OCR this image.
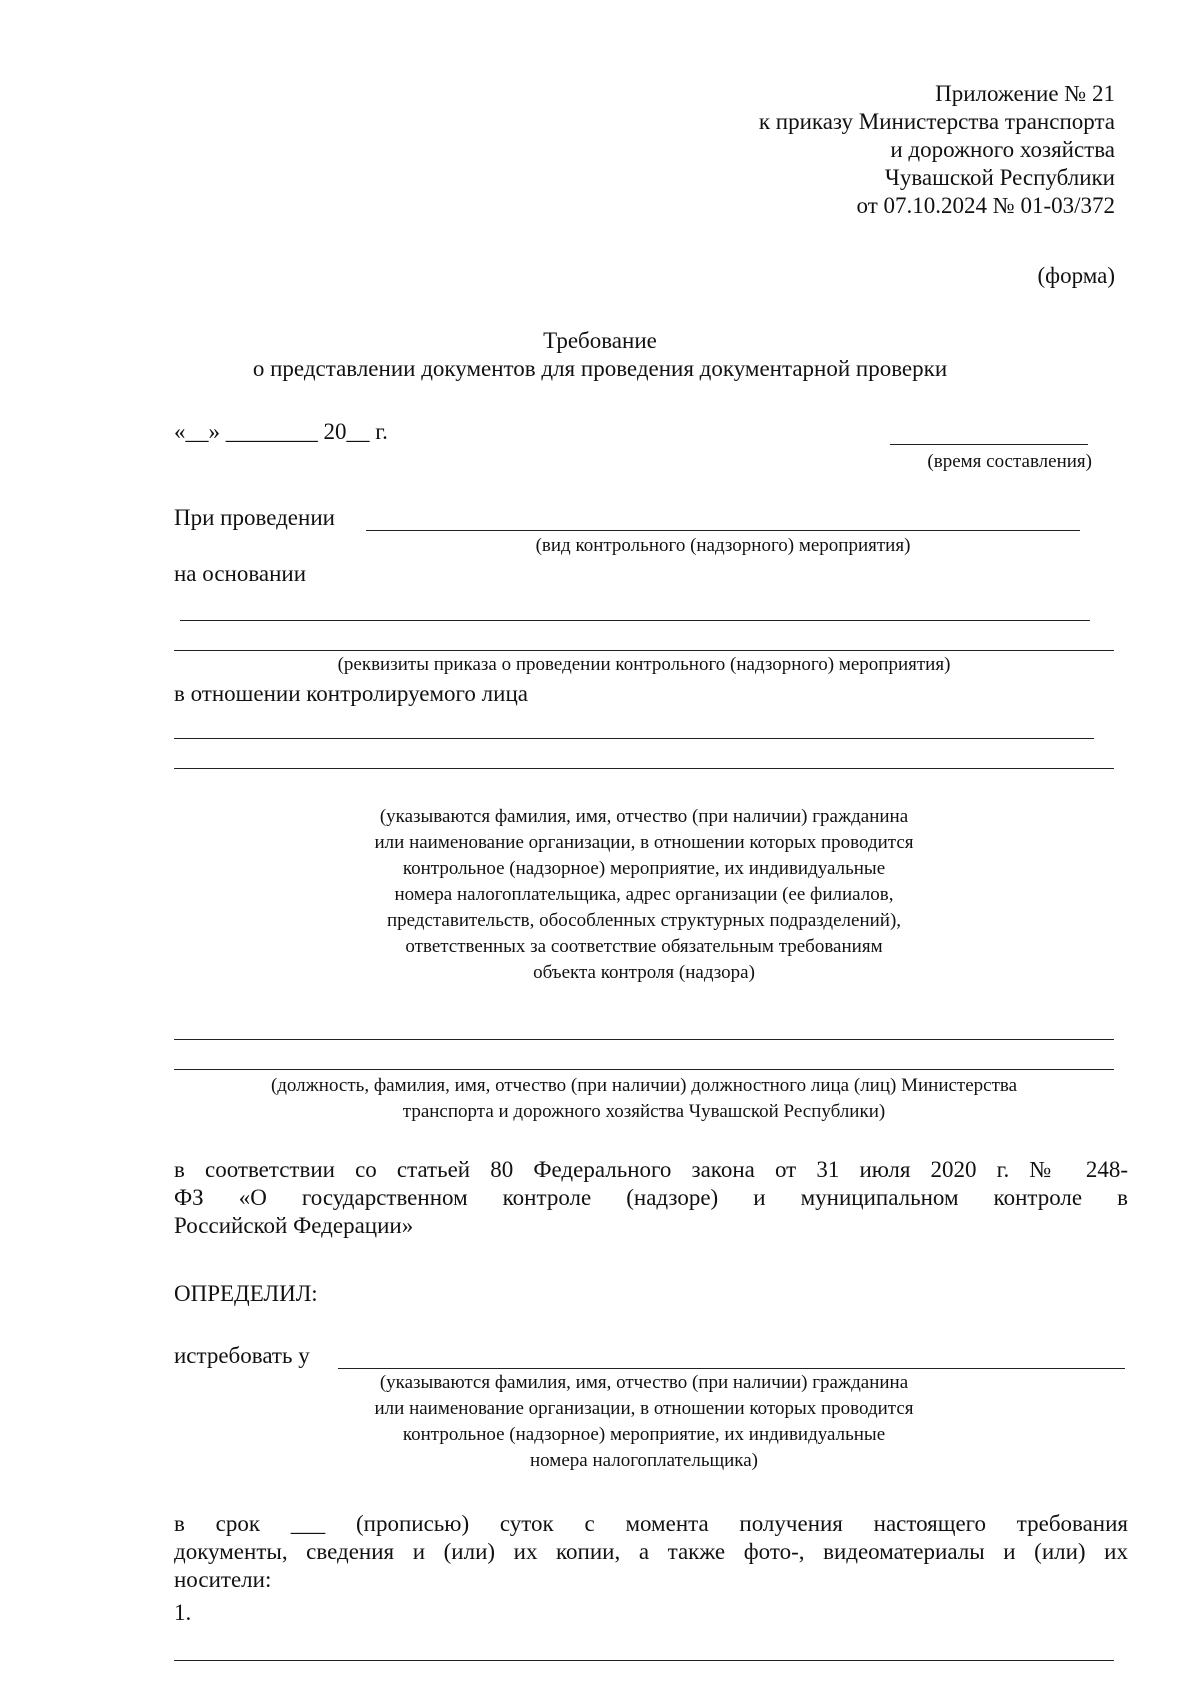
Приложение № 21
к приказу Министерства транспорта
и дорожного хозяйства
Чувашской Республики
от 07.10.2024 № 01-03/372
(форма)
Требование
о представлении документов для проведения документарной проверки
«__» ________ 20__ г.
(время составления)
При проведении
(вид контрольного (надзорного) мероприятия)
на основании
(реквизиты приказа о проведении контрольного (надзорного) мероприятия)
в отношении контролируемого лица
(указываются фамилия, имя, отчество (при наличии) гражданина
или наименование организации, в отношении которых проводится
контрольное (надзорное) мероприятие, их индивидуальные
номера налогоплательщика, адрес организации (ее филиалов,
представительств, обособленных структурных подразделений),
ответственных за соответствие обязательным требованиям
объекта контроля (надзора)
(должность, фамилия, имя, отчество (при наличии) должностного лица (лиц) Министерства
транспорта и дорожного хозяйства Чувашской Республики)
в соответствии со статьей 80 Федерального закона от 31 июля 2020 г. № 248-
ФЗ «О государственном контроле (надзоре) и муниципальном контроле в
Российской Федерации»
ОПРЕДЕЛИЛ:
истребовать у
(указываются фамилия, имя, отчество (при наличии) гражданина
или наименование организации, в отношении которых проводится
контрольное (надзорное) мероприятие, их индивидуальные
номера налогоплательщика)
в срок ___ (прописью) суток с момента получения настоящего требования
документы, сведения и (или) их копии, а также фото-, видеоматериалы и (или) их
носители:
1.
